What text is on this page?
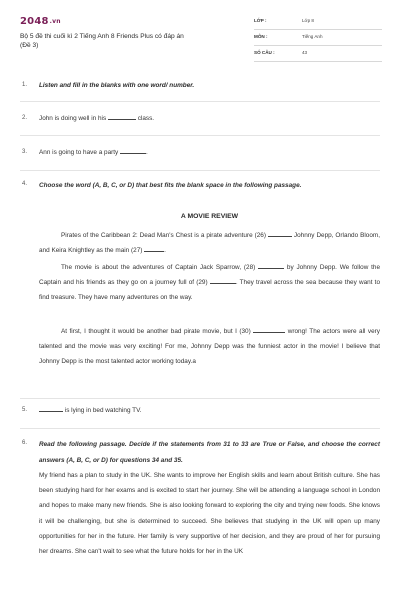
2048.vn
Bộ 5 đề thi cuối kì 2 Tiếng Anh 8 Friends Plus có đáp án
(Đề 3)
LỚP :	Lớp 8
MÔN :	Tiếng Anh
SỐ CÂU :	43
1. Listen and fill in the blanks with one word/ number.
2. John is doing well in his	class.
3. Ann is going to have a party	.
4. Choose the word (A, B, C, or D) that best fits the blank space in the following passage.
A MOVIE REVIEW
Pirates of the Caribbean 2: Dead Man's Chest is a pirate adventure (26)	Johnny Depp, Orlando Bloom, and Keira Knightley as the main (27)	.
The movie is about the adventures of Captain Jack Sparrow, (28)	by Johnny Depp. We follow the Captain and his friends as they go on a journey full of (29)	. They travel across the sea because they want to find treasure. They have many adventures on the way.
At first, I thought it would be another bad pirate movie, but I (30)	wrong! The actors were all very talented and the movie was very exciting! For me, Johnny Depp was the funniest actor in the movie! I believe that Johnny Depp is the most talented actor working today.a
5.	is lying in bed watching TV.
6. Read the following passage. Decide if the statements from 31 to 33 are True or False, and choose the correct answers (A, B, C, or D) for questions 34 and 35.
My friend has a plan to study in the UK. She wants to improve her English skills and learn about British culture. She has been studying hard for her exams and is excited to start her journey. She will be attending a language school in London and hopes to make many new friends. She is also looking forward to exploring the city and trying new foods. She knows it will be challenging, but she is determined to succeed. She believes that studying in the UK will open up many opportunities for her in the future. Her family is very supportive of her decision, and they are proud of her for pursuing her dreams. She can't wait to see what the future holds for her in the UK
